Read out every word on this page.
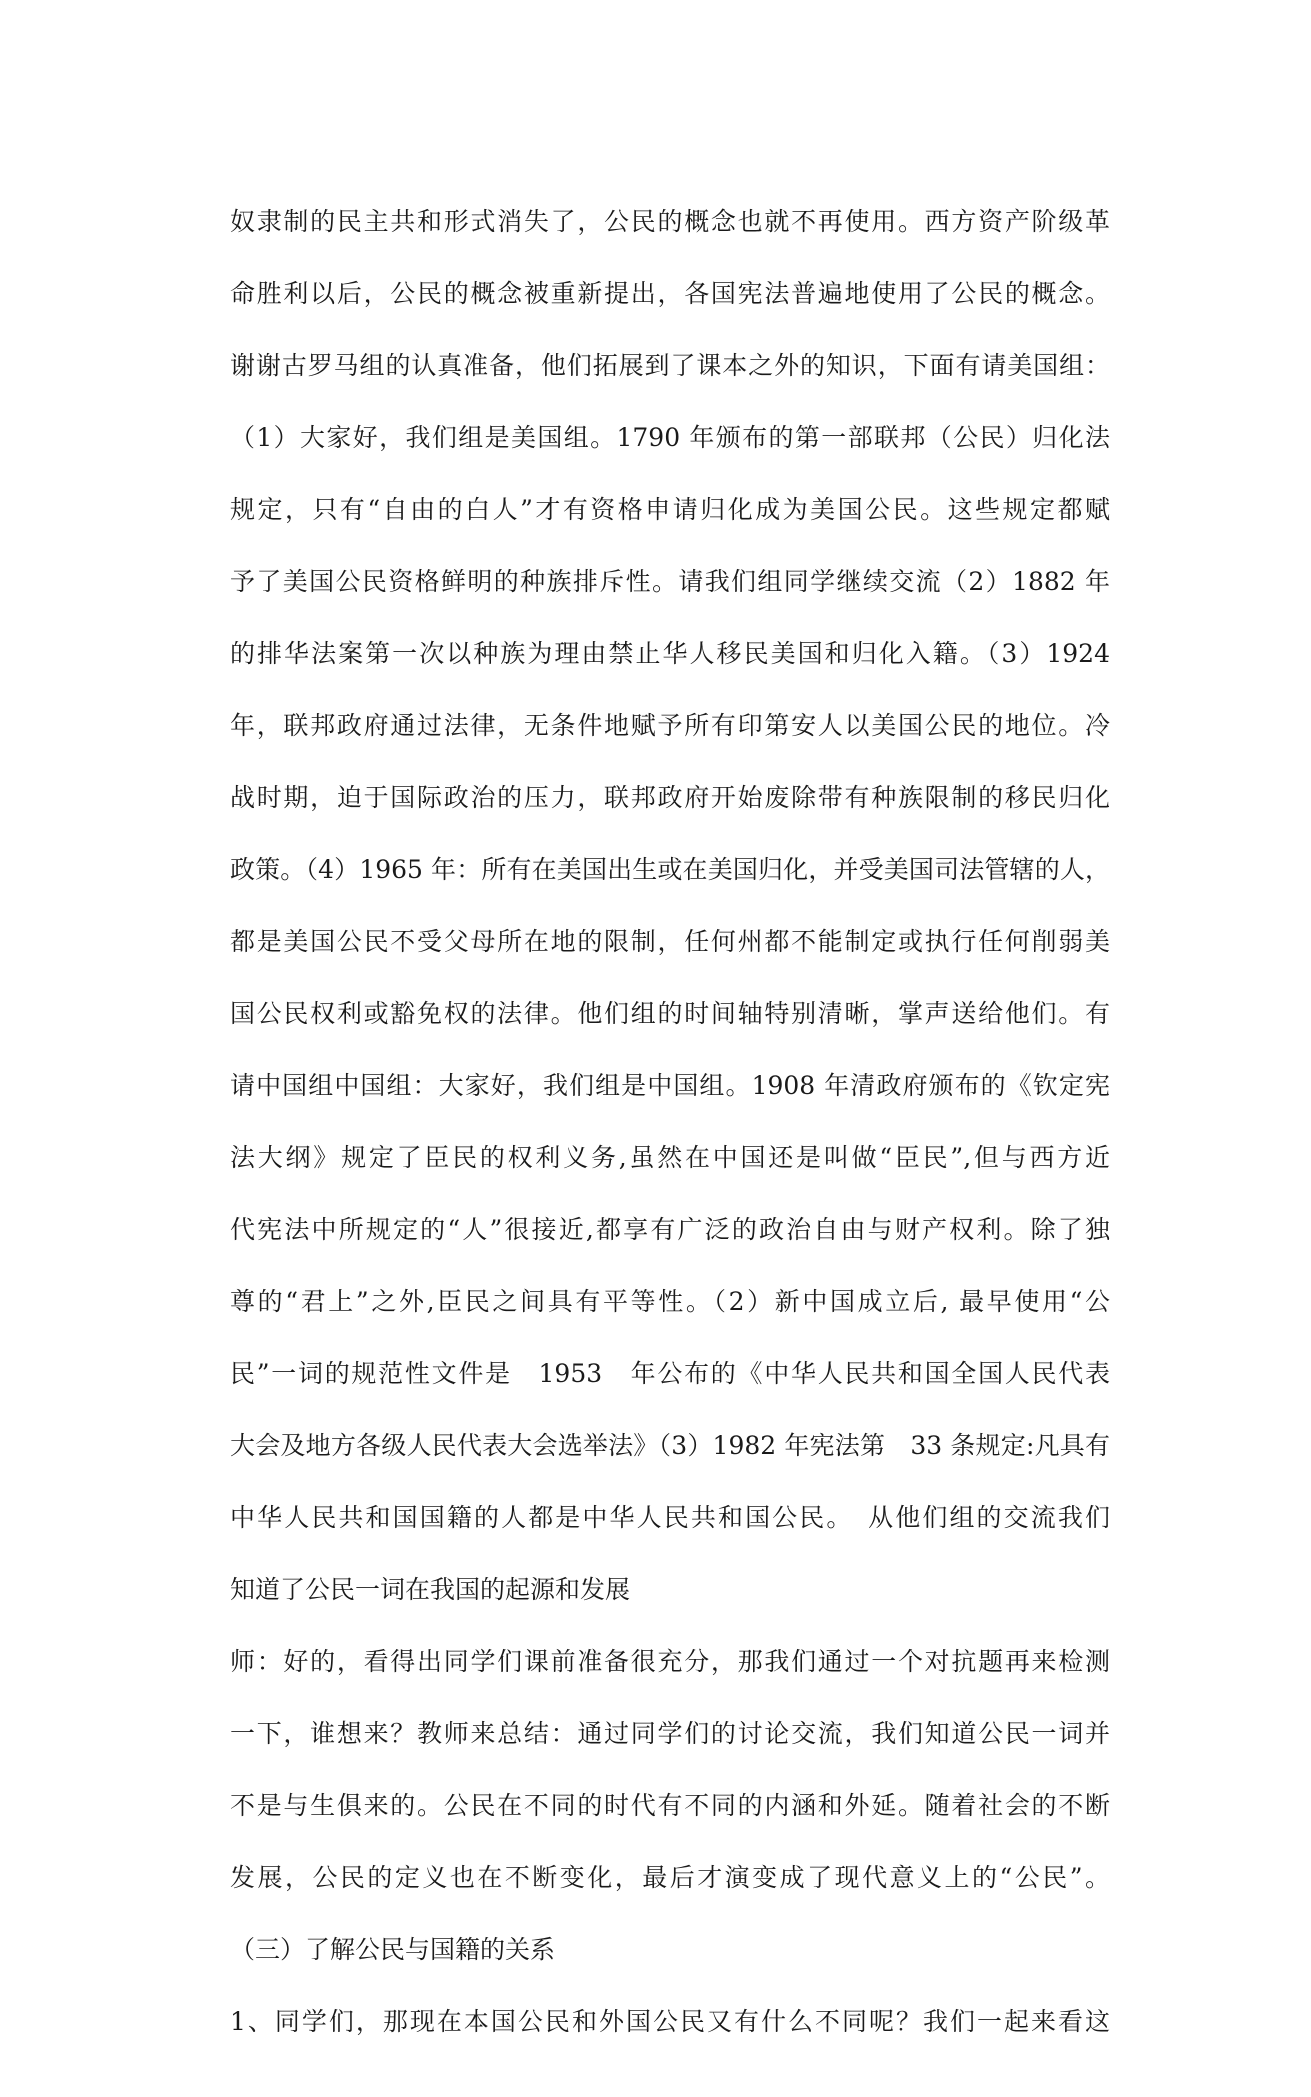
奴隶制的民主共和形式消失了，公民的概念也就不再使用。西方资产阶级革
命胜利以后，公民的概念被重新提出，各国宪法普遍地使用了公民的概念。
谢谢古罗马组的认真准备，他们拓展到了课本之外的知识，下面有请美国组：
（1）大家好，我们组是美国组。1790 年颁布的第一部联邦（公民）归化法
规定，只有“自由的白人”才有资格申请归化成为美国公民。这些规定都赋
予了美国公民资格鲜明的种族排斥性。请我们组同学继续交流（2）1882 年
的排华法案第一次以种族为理由禁止华人移民美国和归化入籍。（3）1924
年，联邦政府通过法律，无条件地赋予所有印第安人以美国公民的地位。冷
战时期，迫于国际政治的压力，联邦政府开始废除带有种族限制的移民归化
政策。（4）1965 年：所有在美国出生或在美国归化，并受美国司法管辖的人，
都是美国公民不受父母所在地的限制，任何州都不能制定或执行任何削弱美
国公民权利或豁免权的法律。他们组的时间轴特别清晰，掌声送给他们。有
请中国组中国组：大家好，我们组是中国组。1908 年清政府颁布的《钦定宪
法大纲》规定了臣民的权利义务,虽然在中国还是叫做“臣民”,但与西方近
代宪法中所规定的“人”很接近,都享有广泛的政治自由与财产权利。除了独
尊的“君上”之外,臣民之间具有平等性。（2）新中国成立后, 最早使用“公
民”一词的规范性文件是　1953　年公布的《中华人民共和国全国人民代表
大会及地方各级人民代表大会选举法》（3）1982 年宪法第　33 条规定:凡具有
中华人民共和国国籍的人都是中华人民共和国公民。　从他们组的交流我们
知道了公民一词在我国的起源和发展
师：好的，看得出同学们课前准备很充分，那我们通过一个对抗题再来检测
一下，谁想来？教师来总结：通过同学们的讨论交流，我们知道公民一词并
不是与生俱来的。公民在不同的时代有不同的内涵和外延。随着社会的不断
发展，公民的定义也在不断变化，最后才演变成了现代意义上的“公民”。
（三）了解公民与国籍的关系
1、同学们，那现在本国公民和外国公民又有什么不同呢？我们一起来看这
